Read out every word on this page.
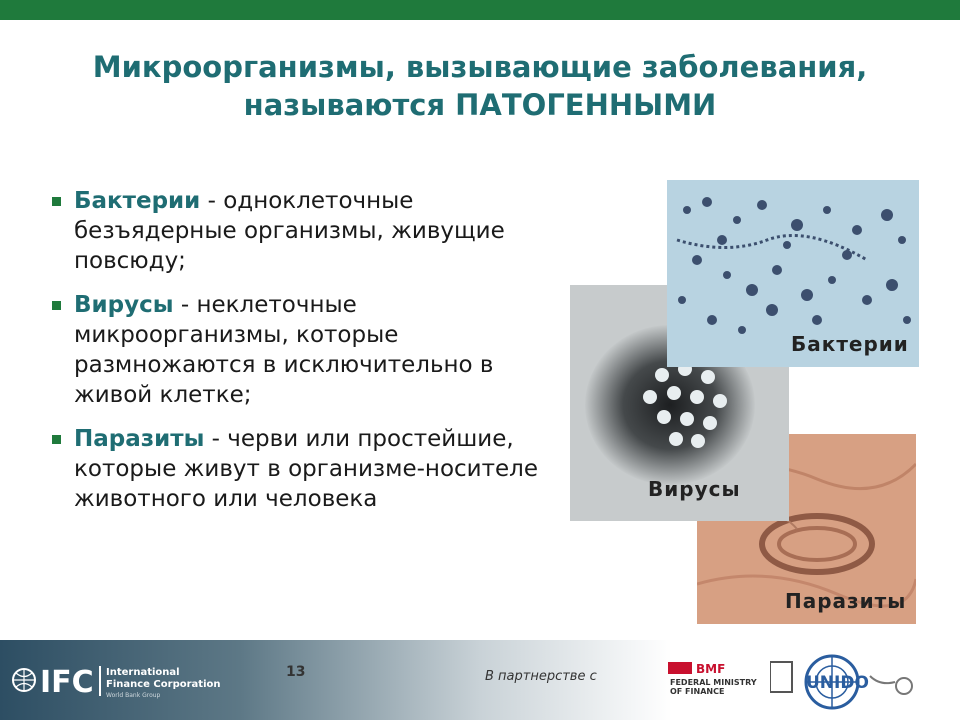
Микроорганизмы, вызывающие заболевания,
называются ПАТОГЕННЫМИ
Бактерии - одноклеточные безъядерные организмы, живущие повсюду;
Вирусы - неклеточные микроорганизмы, которые размножаются в исключительно в живой клетке;
Паразиты - черви или простейшие, которые живут в организме-носителе животного или человека
Паразиты
Вирусы
Бактерии
IFC International
Finance Corporation
World Bank Group
13	В партнерстве с	BMF
FEDERAL MINISTRY
OF FINANCE	UNIDO
